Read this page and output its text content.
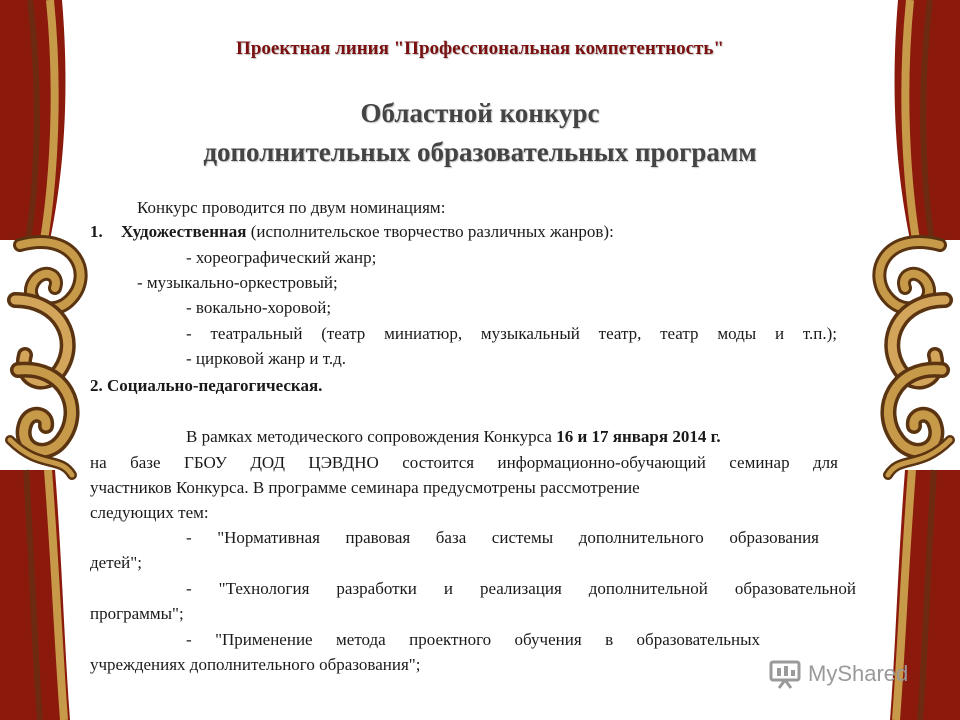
Проектная линия "Профессиональная компетентность"
Областной конкурс
дополнительных образовательных программ
Конкурс проводится по двум номинациям:
1. Художественная (исполнительское творчество различных жанров):
- хореографический жанр;
- музыкально-оркестровый;
- вокально-хоровой;
- театральный (театр миниатюр, музыкальный театр, театр моды и т.п.);
- цирковой жанр и т.д.
2. Социально-педагогическая.
В рамках методического сопровождения Конкурса 16 и 17 января 2014 г.
на базе ГБОУ ДОД ЦЭВДНО состоится информационно-обучающий семинар для
участников Конкурса. В программе семинара предусмотрены рассмотрение
следующих тем:
- "Нормативная правовая база системы дополнительного образования
детей";
- "Технология разработки и реализация дополнительной образовательной
программы";
- "Применение метода проектного обучения в образовательных
учреждениях дополнительного образования";	MyShared
